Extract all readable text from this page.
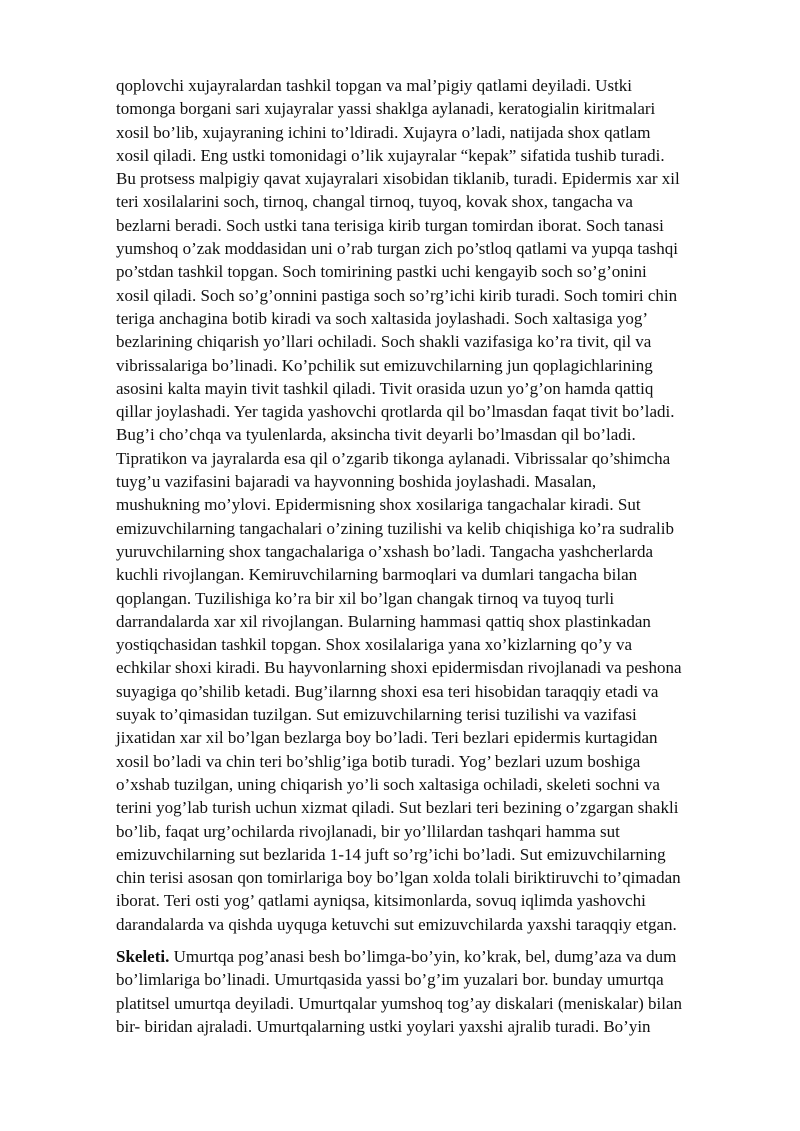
qoplovchi xujayralardan tashkil topgan va mal’pigiy qatlami deyiladi. Ustki
tomonga borgani sari xujayralar yassi shaklga aylanadi, keratogialin kiritmalari
xosil bo’lib, xujayraning ichini to’ldiradi. Xujayra o’ladi, natijada shox qatlam
xosil qiladi. Eng ustki tomonidagi o’lik xujayralar “kepak” sifatida tushib turadi.
Bu protsess malpigiy qavat xujayralari xisobidan tiklanib, turadi. Epidermis xar xil
teri xosilalarini soch, tirnoq, changal tirnoq, tuyoq, kovak shox, tangacha va
bezlarni beradi. Soch ustki tana terisiga kirib turgan tomirdan iborat. Soch tanasi
yumshoq o’zak moddasidan uni o’rab turgan zich po’stloq qatlami va yupqa tashqi
po’stdan tashkil topgan. Soch tomirining pastki uchi kengayib soch so’g’onini
xosil qiladi. Soch so’g’onnini pastiga soch so’rg’ichi kirib turadi. Soch tomiri chin
teriga anchagina botib kiradi va soch xaltasida joylashadi. Soch xaltasiga yog’
bezlarining chiqarish yo’llari ochiladi. Soch shakli vazifasiga ko’ra tivit, qil va
vibrissalariga bo’linadi. Ko’pchilik sut emizuvchilarning jun qoplagichlarining
asosini kalta mayin tivit tashkil qiladi. Tivit orasida uzun yo’g’on hamda qattiq
qillar joylashadi. Yer tagida yashovchi qrotlarda qil bo’lmasdan faqat tivit bo’ladi.
Bug’i cho’chqa va tyulenlarda, aksincha tivit deyarli bo’lmasdan qil bo’ladi.
Tipratikon va jayralarda esa qil o’zgarib tikonga aylanadi. Vibrissalar qo’shimcha
tuyg’u vazifasini bajaradi va hayvonning boshida joylashadi. Masalan,
mushukning mo’ylovi. Epidermisning shox xosilariga tangachalar kiradi. Sut
emizuvchilarning tangachalari o’zining tuzilishi va kelib chiqishiga ko’ra sudralib
yuruvchilarning shox tangachalariga o’xshash bo’ladi. Tangacha yashcherlarda
kuchli rivojlangan. Kemiruvchilarning barmoqlari va dumlari tangacha bilan
qoplangan. Tuzilishiga ko’ra bir xil bo’lgan changak tirnoq va tuyoq turli
darrandalarda xar xil rivojlangan. Bularning hammasi qattiq shox plastinkadan
yostiqchasidan tashkil topgan. Shox xosilalariga yana xo’kizlarning qo’y va
echkilar shoxi kiradi. Bu hayvonlarning shoxi epidermisdan rivojlanadi va peshona
suyagiga qo’shilib ketadi. Bug’ilarnng shoxi esa teri hisobidan taraqqiy etadi va
suyak to’qimasidan tuzilgan. Sut emizuvchilarning terisi tuzilishi va vazifasi
jixatidan xar xil bo’lgan bezlarga boy bo’ladi. Teri bezlari epidermis kurtagidan
xosil bo’ladi va chin teri bo’shlig’iga botib turadi. Yog’ bezlari uzum boshiga
o’xshab tuzilgan, uning chiqarish yo’li soch xaltasiga ochiladi, skeleti sochni va
terini yog’lab turish uchun xizmat qiladi. Sut bezlari teri bezining o’zgargan shakli
bo’lib, faqat urg’ochilarda rivojlanadi, bir yo’llilardan tashqari hamma sut
emizuvchilarning sut bezlarida 1-14 juft so’rg’ichi bo’ladi. Sut emizuvchilarning
chin terisi asosan qon tomirlariga boy bo’lgan xolda tolali biriktiruvchi to’qimadan
iborat. Teri osti yog’ qatlami ayniqsa, kitsimonlarda, sovuq iqlimda yashovchi
darandalarda va qishda uyquga ketuvchi sut emizuvchilarda yaxshi taraqqiy etgan.
Skeleti. Umurtqa pog’anasi besh bo’limga-bo’yin, ko’krak, bel, dumg’aza va dum
bo’limlariga bo’linadi. Umurtqasida yassi bo’g’im yuzalari bor. bunday umurtqa
platitsel umurtqa deyiladi. Umurtqalar yumshoq tog’ay diskalari (meniskalar) bilan
bir- biridan ajraladi. Umurtqalarning ustki yoylari yaxshi ajralib turadi. Bo’yin
